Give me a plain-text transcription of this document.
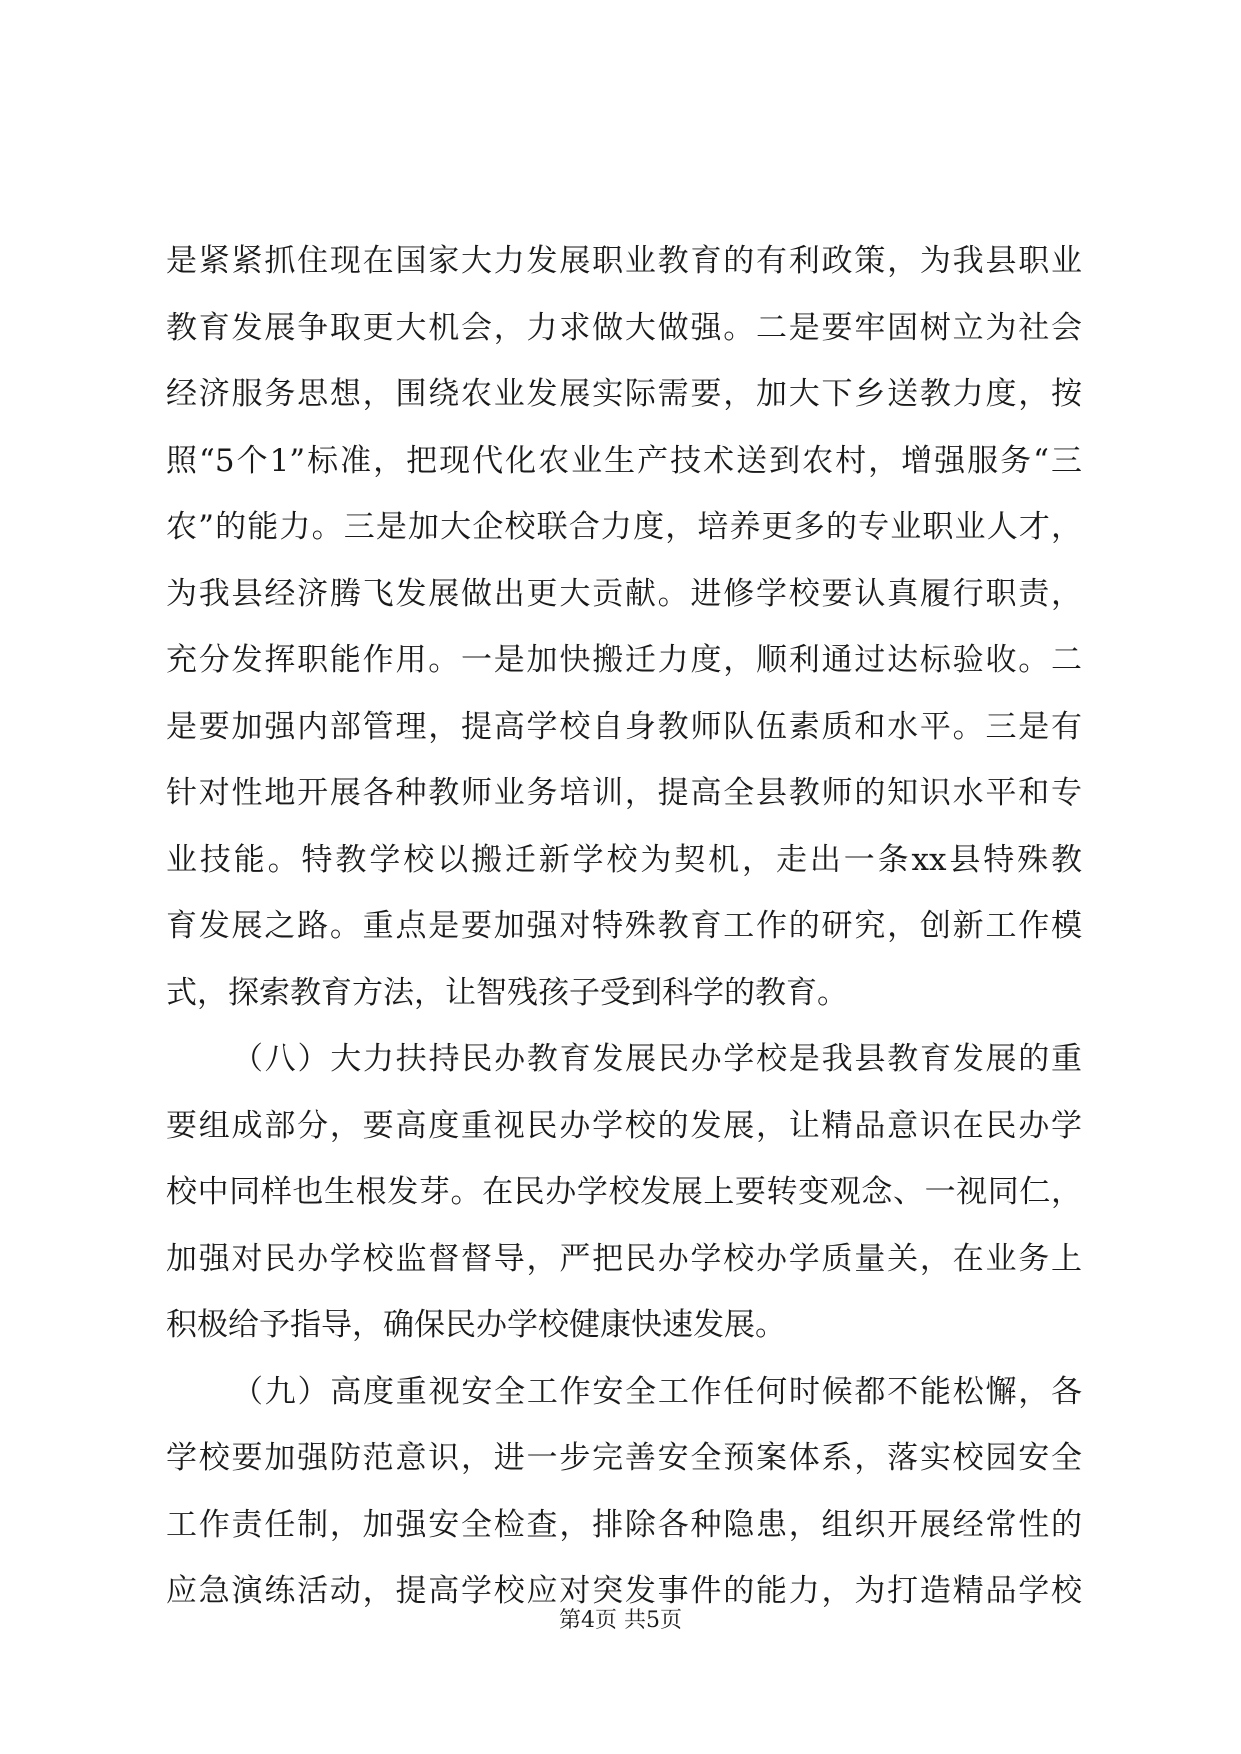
是紧紧抓住现在国家大力发展职业教育的有利政策，为我县职业
教育发展争取更大机会，力求做大做强。二是要牢固树立为社会
经济服务思想，围绕农业发展实际需要，加大下乡送教力度，按
照“5个1”标准，把现代化农业生产技术送到农村，增强服务“三
农”的能力。三是加大企校联合力度，培养更多的专业职业人才，
为我县经济腾飞发展做出更大贡献。进修学校要认真履行职责，
充分发挥职能作用。一是加快搬迁力度，顺利通过达标验收。二
是要加强内部管理，提高学校自身教师队伍素质和水平。三是有
针对性地开展各种教师业务培训，提高全县教师的知识水平和专
业技能。特教学校以搬迁新学校为契机，走出一条xx县特殊教
育发展之路。重点是要加强对特殊教育工作的研究，创新工作模
式，探索教育方法，让智残孩子受到科学的教育。
（八）大力扶持民办教育发展民办学校是我县教育发展的重
要组成部分，要高度重视民办学校的发展，让精品意识在民办学
校中同样也生根发芽。在民办学校发展上要转变观念、一视同仁，
加强对民办学校监督督导，严把民办学校办学质量关，在业务上
积极给予指导，确保民办学校健康快速发展。
（九）高度重视安全工作安全工作任何时候都不能松懈，各
学校要加强防范意识，进一步完善安全预案体系，落实校园安全
工作责任制，加强安全检查，排除各种隐患，组织开展经常性的
应急演练活动，提高学校应对突发事件的能力，为打造精品学校
第4页 共5页
